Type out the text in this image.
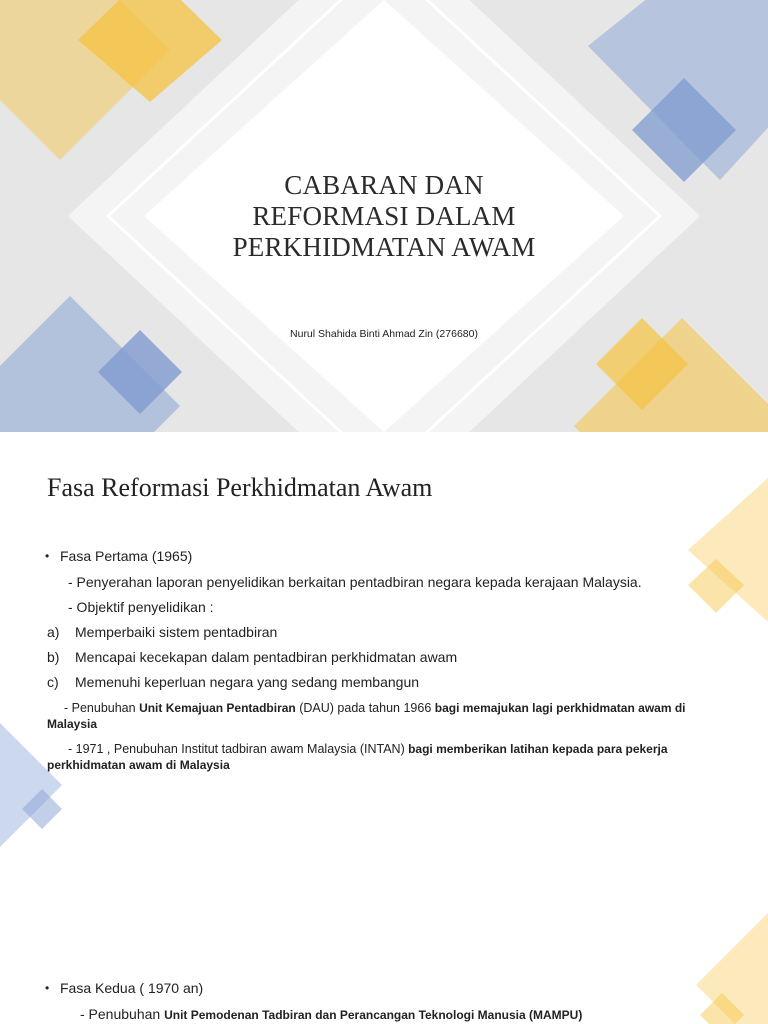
CABARAN DAN
REFORMASI DALAM
PERKHIDMATAN AWAM
Nurul Shahida Binti Ahmad Zin (276680)
Fasa Reformasi Perkhidmatan Awam
• Fasa Pertama (1965)
- Penyerahan laporan penyelidikan berkaitan pentadbiran negara kepada kerajaan Malaysia.
- Objektif penyelidikan :
a) Memperbaiki sistem pentadbiran
b) Mencapai kecekapan dalam pentadbiran perkhidmatan awam
c) Memenuhi keperluan negara yang sedang membangun
- Penubuhan Unit Kemajuan Pentadbiran (DAU) pada tahun 1966 bagi memajukan lagi perkhidmatan awam di Malaysia
- 1971 , Penubuhan Institut tadbiran awam Malaysia (INTAN) bagi memberikan latihan kepada para pekerja perkhidmatan awam di Malaysia
• Fasa Kedua ( 1970 an)
- Penubuhan Unit Pemodenan Tadbiran dan Perancangan Teknologi Manusia (MAMPU)
